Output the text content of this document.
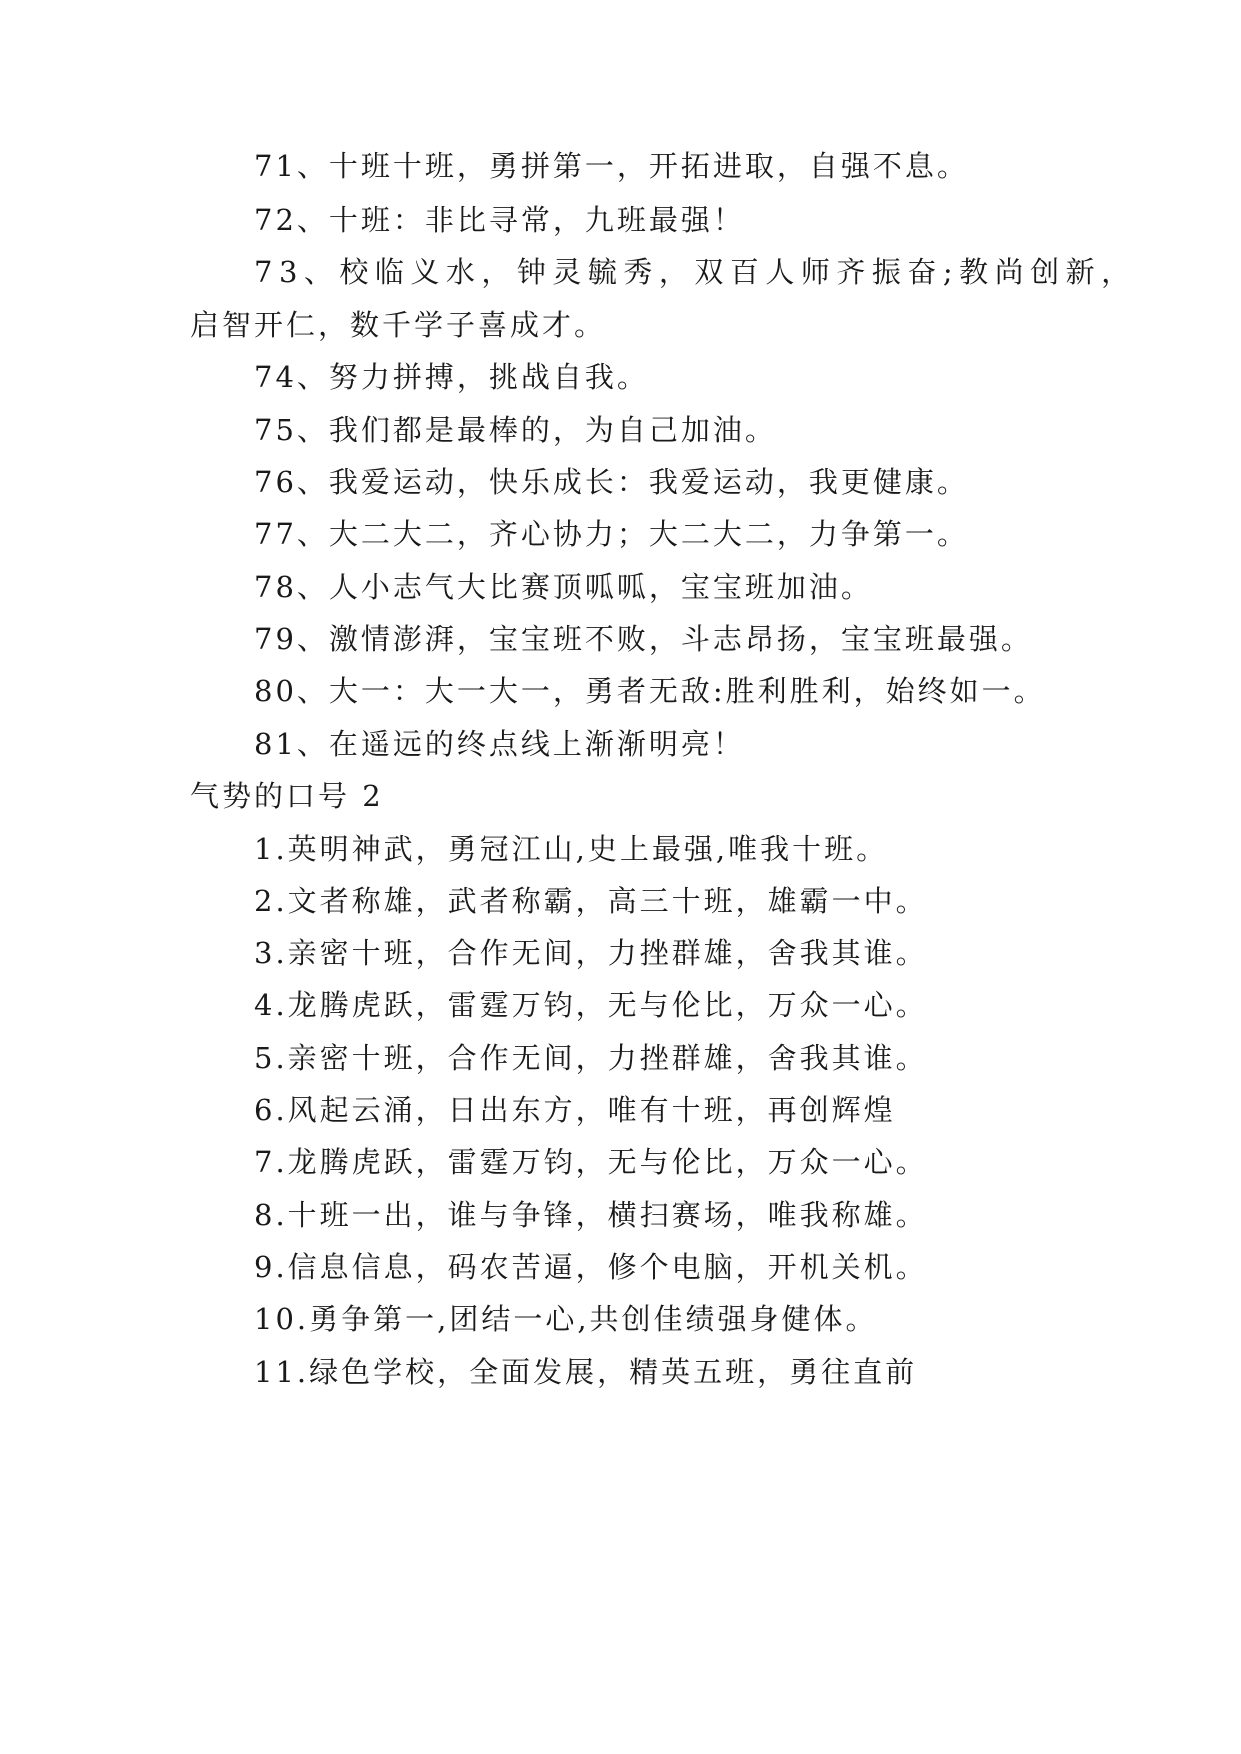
71、十班十班，勇拼第一，开拓进取，自强不息。
72、十班：非比寻常，九班最强！
73、校临义水，钟灵毓秀，双百人师齐振奋;教尚创新，
启智开仁，数千学子喜成才。
74、努力拼搏，挑战自我。
75、我们都是最棒的，为自己加油。
76、我爱运动，快乐成长：我爱运动，我更健康。
77、大二大二，齐心协力；大二大二，力争第一。
78、人小志气大比赛顶呱呱，宝宝班加油。
79、激情澎湃，宝宝班不败，斗志昂扬，宝宝班最强。
80、大一：大一大一，勇者无敌:胜利胜利，始终如一。
81、在遥远的终点线上渐渐明亮！
气势的口号 2
1.英明神武，勇冠江山,史上最强,唯我十班。
2.文者称雄，武者称霸，高三十班，雄霸一中。
3.亲密十班，合作无间，力挫群雄，舍我其谁。
4.龙腾虎跃，雷霆万钧，无与伦比，万众一心。
5.亲密十班，合作无间，力挫群雄，舍我其谁。
6.风起云涌，日出东方，唯有十班，再创辉煌
7.龙腾虎跃，雷霆万钧，无与伦比，万众一心。
8.十班一出，谁与争锋，横扫赛场，唯我称雄。
9.信息信息，码农苦逼，修个电脑，开机关机。
10.勇争第一,团结一心,共创佳绩强身健体。
11.绿色学校，全面发展，精英五班，勇往直前
